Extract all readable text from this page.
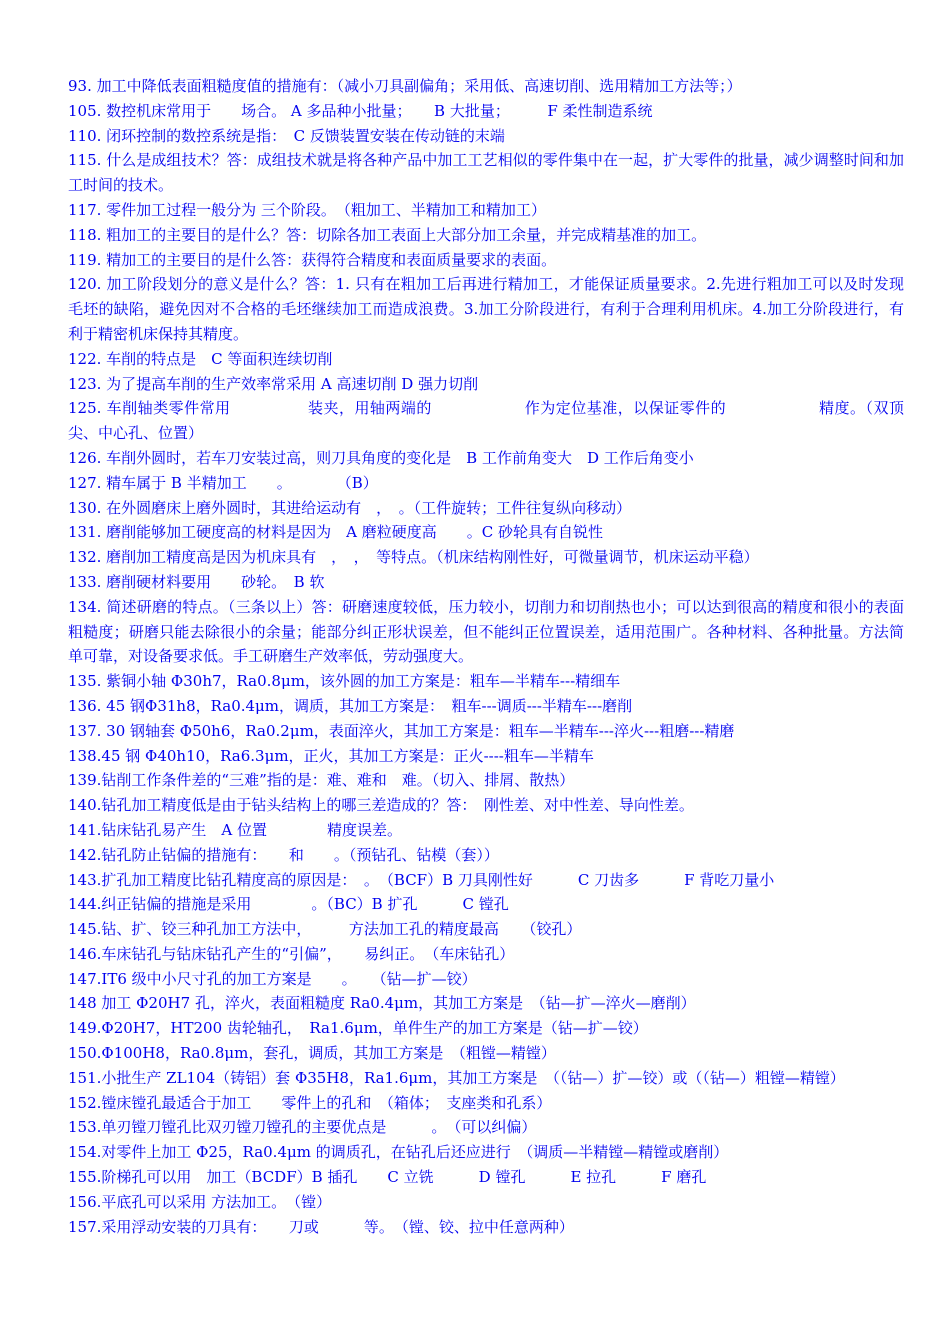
93. 加工中降低表面粗糙度值的措施有：（减小刀具副偏角；采用低、高速切削、选用精加工方法等；）
105. 数控机床常用于　　场合。 A 多品种小批量；　　B 大批量；　　　F 柔性制造系统
110. 闭环控制的数控系统是指：　C 反馈装置安装在传动链的末端
115. 什么是成组技术？答：成组技术就是将各种产品中加工工艺相似的零件集中在一起，扩大零件的批量，减少调整时间和加工时间的技术。
117. 零件加工过程一般分为 三个阶段。　（粗加工、半精加工和精加工）
118. 粗加工的主要目的是什么？答：切除各加工表面上大部分加工余量，并完成精基准的加工。
119. 精加工的主要目的是什么答：获得符合精度和表面质量要求的表面。
120. 加工阶段划分的意义是什么？答：1. 只有在粗加工后再进行精加工，才能保证质量要求。2.先进行粗加工可以及时发现毛坯的缺陷，避免因对不合格的毛坯继续加工而造成浪费。3.加工分阶段进行，有利于合理利用机床。4.加工分阶段进行，有利于精密机床保持其精度。
122. 车削的特点是　C 等面积连续切削
123. 为了提高车削的生产效率常采用 A 高速切削 D 强力切削
125. 车削轴类零件常用　　　　　装夹，用轴两端的　　　　　　作为定位基准，以保证零件的　　　　　　精度。（双顶尖、中心孔、位置）
126. 车削外圆时，若车刀安装过高，则刀具角度的变化是　B 工作前角变大　D 工作后角变小
127. 精车属于 B 半精加工　　。　　　　（B）
130. 在外圆磨床上磨外圆时，其进给运动有　，　。（工件旋转；工件往复纵向移动）
131. 磨削能够加工硬度高的材料是因为　A 磨粒硬度高　　。C 砂轮具有自锐性
132. 磨削加工精度高是因为机床具有　，　，　等特点。（机床结构刚性好，可微量调节，机床运动平稳）
133. 磨削硬材料要用　　砂轮。　B 软
134. 简述研磨的特点。（三条以上）答：研磨速度较低，压力较小，切削力和切削热也小；可以达到很高的精度和很小的表面粗糙度；研磨只能去除很小的余量；能部分纠正形状误差，但不能纠正位置误差，适用范围广。各种材料、各种批量。方法简单可靠，对设备要求低。手工研磨生产效率低，劳动强度大。
135. 紫铜小轴 Φ30h7，Ra0.8μm，该外圆的加工方案是：粗车—半精车---精细车
136. 45 钢Φ31h8，Ra0.4μm，调质，其加工方案是：　粗车---调质---半精车---磨削
137. 30 钢轴套 Φ50h6，Ra0.2μm，表面淬火，其加工方案是：粗车—半精车---淬火---粗磨---精磨
138.45 钢 Φ40h10，Ra6.3μm，正火，其加工方案是：正火----粗车—半精车
139.钻削工作条件差的“三难”指的是：难、难和　难。（切入、排屑、散热）
140.钻孔加工精度低是由于钻头结构上的哪三差造成的？答：　刚性差、对中性差、导向性差。
141.钻床钻孔易产生　A 位置　　　　精度误差。
142.钻孔防止钻偏的措施有：　　和　　。（预钻孔、钻模（套））
143.扩孔加工精度比钻孔精度高的原因是：　。　（BCF）B 刀具刚性好　　　C 刀齿多　　　F 背吃刀量小
144.纠正钻偏的措施是采用　　　　。（BC）B 扩孔　　　C 镗孔
145.钻、扩、铰三种孔加工方法中，　　　方法加工孔的精度最高　　（铰孔）
146.车床钻孔与钻床钻孔产生的“引偏”，　　易纠正。　（车床钻孔）
147.IT6 级中小尺寸孔的加工方案是　　。　　（钻—扩—铰）
148 加工 Φ20H7 孔，淬火，表面粗糙度 Ra0.4μm，其加工方案是　（钻—扩—淬火—磨削）
149.Φ20H7，HT200 齿轮轴孔，　Ra1.6μm，单件生产的加工方案是（钻—扩—铰）
150.Φ100H8，Ra0.8μm，套孔，调质，其加工方案是　（粗镗—精镗）
151.小批生产 ZL104（铸铝）套 Φ35H8，Ra1.6μm，其加工方案是　（（钻—）扩—铰）或（（钻—）粗镗—精镗）
152.镗床镗孔最适合于加工　　零件上的孔和　（箱体；　支座类和孔系）
153.单刃镗刀镗孔比双刃镗刀镗孔的主要优点是　　　。　（可以纠偏）
154.对零件上加工 Φ25，Ra0.4μm 的调质孔，在钻孔后还应进行　（调质—半精镗—精镗或磨削）
155.阶梯孔可以用　加工（BCDF）B 插孔　　C 立铣　　　D 镗孔　　　E 拉孔　　　F 磨孔
156.平底孔可以采用 方法加工。　（镗）
157.采用浮动安装的刀具有：　　刀或　　　等。　（镗、铰、拉中任意两种）
